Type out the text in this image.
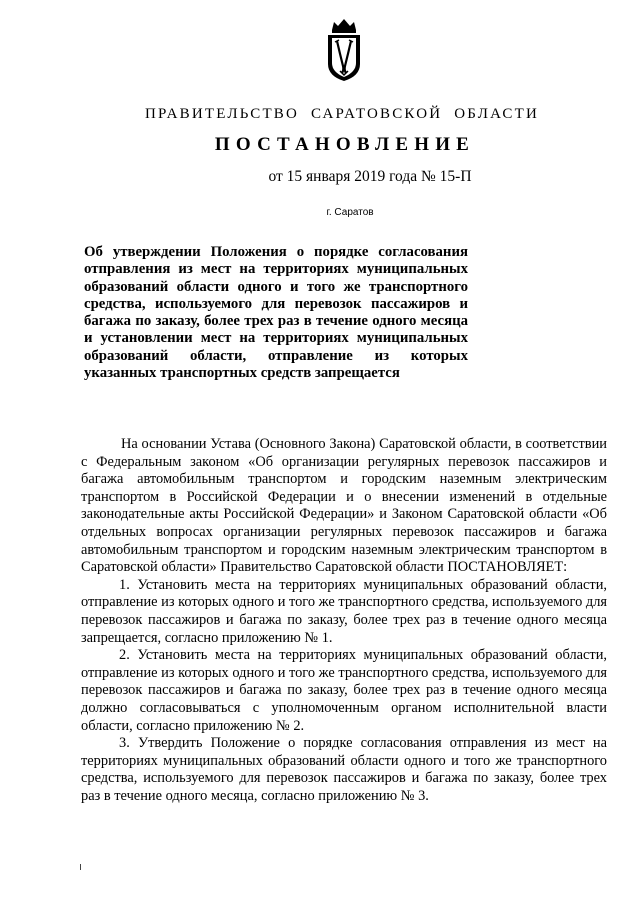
ПРАВИТЕЛЬСТВО САРАТОВСКОЙ ОБЛАСТИ
ПОСТАНОВЛЕНИЕ
от 15 января 2019 года № 15-П
г. Саратов
Об утверждении Положения о порядке согласования отправления из мест на территориях муниципальных образований области одного и того же транспортного средства, используемого для перевозок пассажиров и багажа по заказу, более трех раз в течение одного месяца и установлении мест на территориях муниципальных образований области, отправление из которых указанных транспортных средств запрещается

На основании Устава (Основного Закона) Саратовской области, в соответствии с Федеральным законом «Об организации регулярных перевозок пассажиров и багажа автомобильным транспортом и городским наземным электрическим транспортом в Российской Федерации и о внесении изменений в отдельные законодательные акты Российской Федерации» и Законом Саратовской области «Об отдельных вопросах организации регулярных перевозок пассажиров и багажа автомобильным транспортом и городским наземным электрическим транспортом в Саратовской области» Правительство Саратовской области ПОСТАНОВЛЯЕТ:

1. Установить места на территориях муниципальных образований области, отправление из которых одного и того же транспортного средства, используемого для перевозок пассажиров и багажа по заказу, более трех раз в течение одного месяца запрещается, согласно приложению № 1.

2. Установить места на территориях муниципальных образований области, отправление из которых одного и того же транспортного средства, используемого для перевозок пассажиров и багажа по заказу, более трех раз в течение одного месяца должно согласовываться с уполномоченным органом исполнительной власти области, согласно приложению № 2.

3. Утвердить Положение о порядке согласования отправления из мест на территориях муниципальных образований области одного и того же транспортного средства, используемого для перевозок пассажиров и багажа по заказу, более трех раз в течение одного месяца, согласно приложению № 3.
